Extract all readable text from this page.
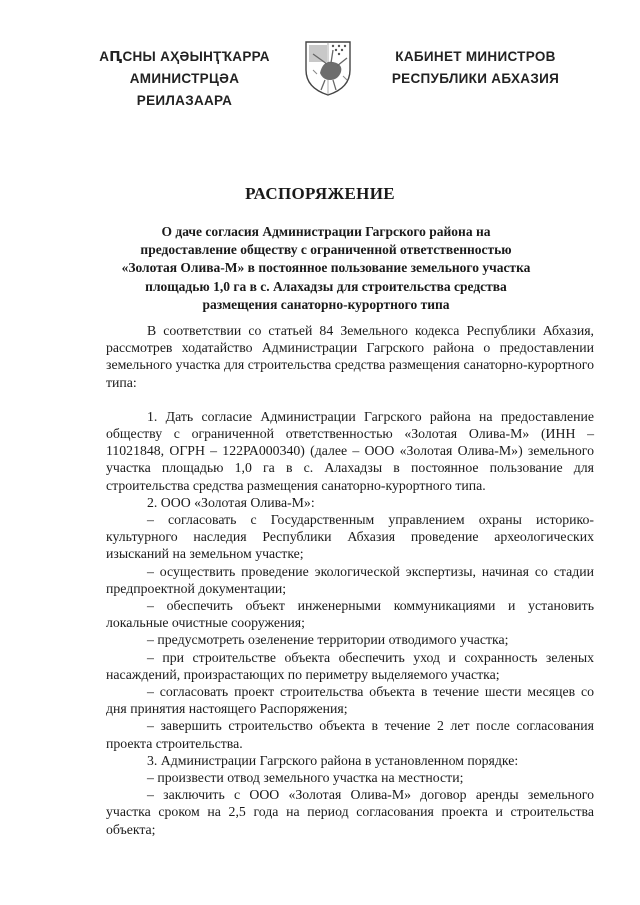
АԤСНЫ АҲӘЫНҬҠАРРА
АМИНИСТРЦӘА РЕИЛАЗААРА
КАБИНЕТ МИНИСТРОВ
РЕСПУБЛИКИ АБХАЗИЯ
РАСПОРЯЖЕНИЕ
О даче согласия Администрации Гагрского района на
предоставление обществу с ограниченной ответственностью
«Золотая Олива-М» в постоянное пользование земельного участка
площадью 1,0 га в с. Алахадзы для строительства средства
размещения санаторно-курортного типа

В соответствии со статьей 84 Земельного кодекса Республики Абхазия, рассмотрев ходатайство Администрации Гагрского района о предоставлении земельного участка для строительства средства размещения санаторно-курортного типа:

1. Дать согласие Администрации Гагрского района на предоставление обществу с ограниченной ответственностью «Золотая Олива-М» (ИНН – 11021848, ОГРН – 122РА000340) (далее – ООО «Золотая Олива-М») земельного участка площадью 1,0 га в с. Алахадзы в постоянное пользование для строительства средства размещения санаторно-курортного типа.

2. ООО «Золотая Олива-М»:

– согласовать с Государственным управлением охраны историко-культурного наследия Республики Абхазия проведение археологических изысканий на земельном участке;

– осуществить проведение экологической экспертизы, начиная со стадии предпроектной документации;

– обеспечить объект инженерными коммуникациями и установить локальные очистные сооружения;

– предусмотреть озеленение территории отводимого участка;

– при строительстве объекта обеспечить уход и сохранность зеленых насаждений, произрастающих по периметру выделяемого участка;

– согласовать проект строительства объекта в течение шести месяцев со дня принятия настоящего Распоряжения;

– завершить строительство объекта в течение 2 лет после согласования проекта строительства.

3. Администрации Гагрского района в установленном порядке:

– произвести отвод земельного участка на местности;

– заключить с ООО «Золотая Олива-М» договор аренды земельного участка сроком на 2,5 года на период согласования проекта и строительства объекта;
